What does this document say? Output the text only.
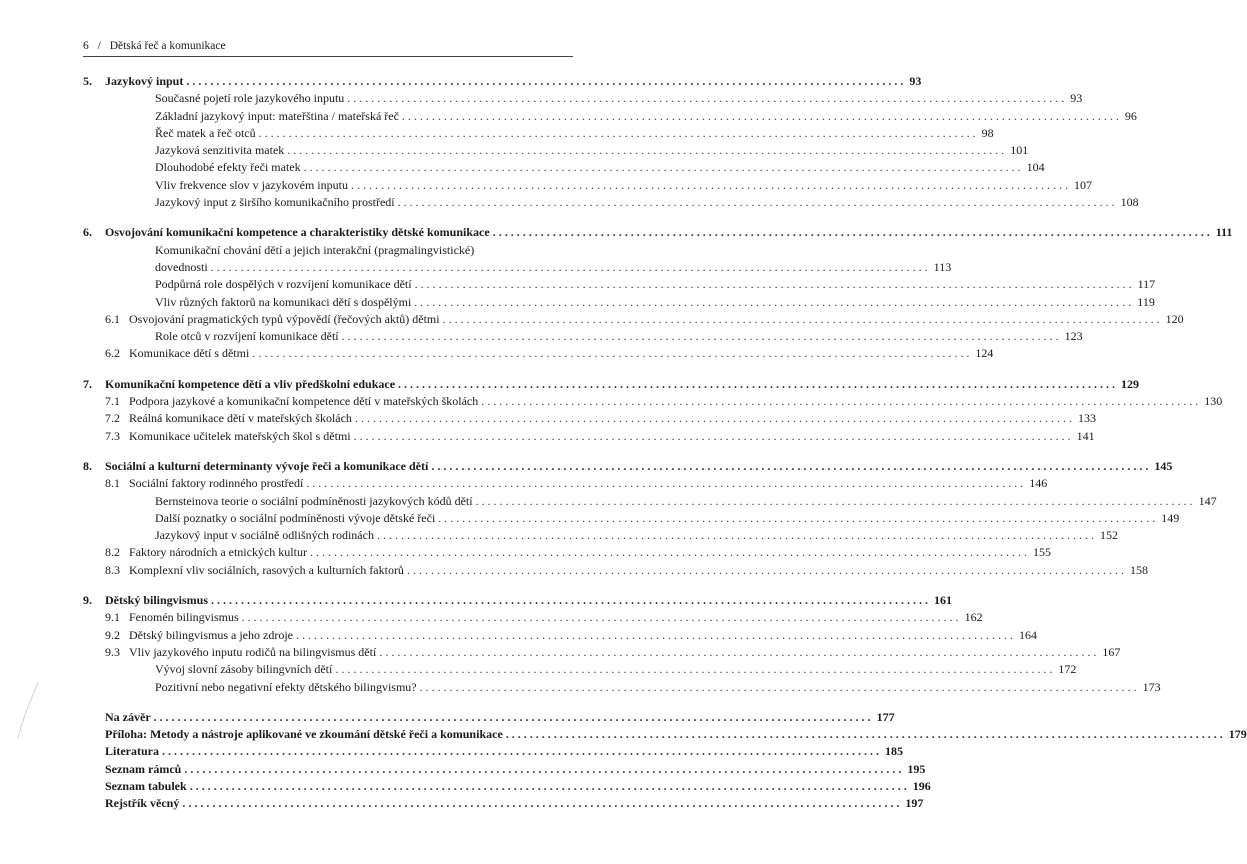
6 / Dětská řeč a komunikace
5. Jazykový input ........................................................................................................................ 93
Současné pojetí role jazykového inputu ........................................................................................................................ 93
Základní jazykový input: mateřština / mateřská řeč ........................................................................................................................ 96
Řeč matek a řeč otců ........................................................................................................................ 98
Jazyková senzitivita matek ........................................................................................................................ 101
Dlouhodobé efekty řeči matek ........................................................................................................................ 104
Vliv frekvence slov v jazykovém inputu ........................................................................................................................ 107
Jazykový input z širšího komunikačního prostředí ........................................................................................................................ 108
6. Osvojování komunikační kompetence a charakteristiky dětské komunikace ........................................................................................................................ 111
Komunikační chování dětí a jejich interakční (pragmalingvistické)
dovednosti ........................................................................................................................ 113
Podpůrná role dospělých v rozvíjení komunikace dětí ........................................................................................................................ 117
Vliv různých faktorů na komunikaci dětí s dospělými ........................................................................................................................ 119
6.1 Osvojování pragmatických typů výpovědí (řečových aktů) dětmi ........................................................................................................................ 120
Role otců v rozvíjení komunikace dětí ........................................................................................................................ 123
6.2 Komunikace dětí s dětmi ........................................................................................................................ 124
7. Komunikační kompetence dětí a vliv předškolní edukace ........................................................................................................................ 129
7.1 Podpora jazykové a komunikační kompetence dětí v mateřských školách ........................................................................................................................ 130
7.2 Reálná komunikace dětí v mateřských školách ........................................................................................................................ 133
7.3 Komunikace učitelek mateřských škol s dětmi ........................................................................................................................ 141
8. Sociální a kulturní determinanty vývoje řeči a komunikace dětí ........................................................................................................................ 145
8.1 Sociální faktory rodinného prostředí ........................................................................................................................ 146
Bernsteinova teorie o sociální podmíněnosti jazykových kódů dětí ........................................................................................................................ 147
Další poznatky o sociální podmíněnosti vývoje dětské řeči ........................................................................................................................ 149
Jazykový input v sociálně odlišných rodinách ........................................................................................................................ 152
8.2 Faktory národních a etnických kultur ........................................................................................................................ 155
8.3 Komplexní vliv sociálních, rasových a kulturních faktorů ........................................................................................................................ 158
9. Dětský bilingvismus ........................................................................................................................ 161
9.1 Fenomén bilingvismus ........................................................................................................................ 162
9.2 Dětský bilingvismus a jeho zdroje ........................................................................................................................ 164
9.3 Vliv jazykového inputu rodičů na bilingvismus dětí ........................................................................................................................ 167
Vývoj slovní zásoby bilingvních dětí ........................................................................................................................ 172
Pozitivní nebo negativní efekty dětského bilingvismu? ........................................................................................................................ 173
Na závěr ........................................................................................................................ 177
Příloha: Metody a nástroje aplikované ve zkoumání dětské řeči a komunikace ........................................................................................................................ 179
Literatura ........................................................................................................................ 185
Seznam rámců ........................................................................................................................ 195
Seznam tabulek ........................................................................................................................ 196
Rejstřík věcný ........................................................................................................................ 197
